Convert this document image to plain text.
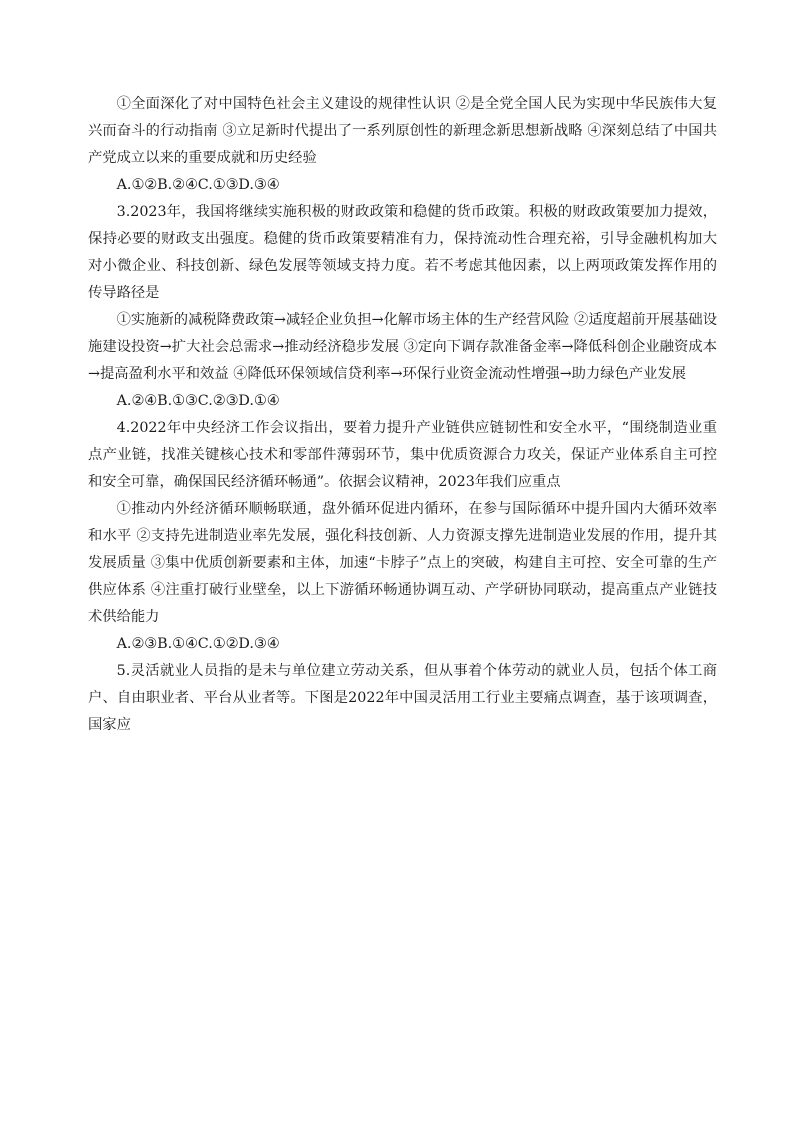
①全面深化了对中国特色社会主义建设的规律性认识 ②是全党全国人民为实现中华民族伟大复兴而奋斗的行动指南 ③立足新时代提出了一系列原创性的新理念新思想新战略 ④深刻总结了中国共产党成立以来的重要成就和历史经验

A.①②B.②④C.①③D.③④

3.2023年，我国将继续实施积极的财政政策和稳健的货币政策。积极的财政政策要加力提效，保持必要的财政支出强度。稳健的货币政策要精准有力，保持流动性合理充裕，引导金融机构加大对小微企业、科技创新、绿色发展等领域支持力度。若不考虑其他因素，以上两项政策发挥作用的传导路径是

①实施新的减税降费政策→减轻企业负担→化解市场主体的生产经营风险 ②适度超前开展基础设施建设投资→扩大社会总需求→推动经济稳步发展 ③定向下调存款准备金率→降低科创企业融资成本→提高盈利水平和效益 ④降低环保领域信贷利率→环保行业资金流动性增强→助力绿色产业发展

A.②④B.①③C.②③D.①④

4.2022年中央经济工作会议指出，要着力提升产业链供应链韧性和安全水平，“围绕制造业重点产业链，找准关键核心技术和零部件薄弱环节，集中优质资源合力攻关，保证产业体系自主可控和安全可靠，确保国民经济循环畅通”。依据会议精神，2023年我们应重点

①推动内外经济循环顺畅联通，盘外循环促进内循环，在参与国际循环中提升国内大循环效率和水平 ②支持先进制造业率先发展，强化科技创新、人力资源支撑先进制造业发展的作用，提升其发展质量 ③集中优质创新要素和主体，加速“卡脖子”点上的突破，构建自主可控、安全可靠的生产供应体系 ④注重打破行业壁垒，以上下游循环畅通协调互动、产学研协同联动，提高重点产业链技术供给能力

A.②③B.①④C.①②D.③④

5.灵活就业人员指的是未与单位建立劳动关系，但从事着个体劳动的就业人员，包括个体工商户、自由职业者、平台从业者等。下图是2022年中国灵活用工行业主要痛点调查，基于该项调查，国家应
